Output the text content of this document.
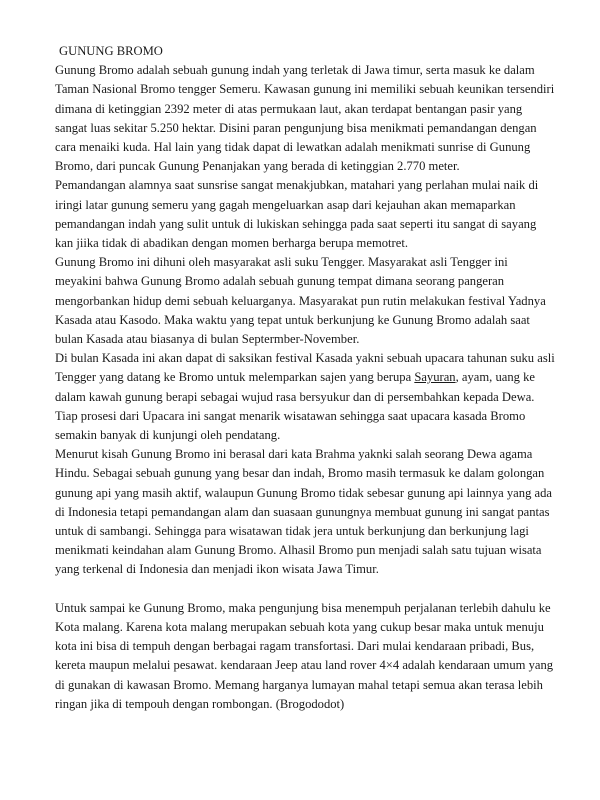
GUNUNG BROMO

Gunung Bromo adalah sebuah gunung indah yang terletak di Jawa timur, serta masuk ke dalam Taman Nasional Bromo tengger Semeru. Kawasan gunung ini memiliki sebuah keunikan tersendiri dimana di ketinggian 2392 meter di atas permukaan laut, akan terdapat bentangan pasir yang sangat luas sekitar 5.250 hektar. Disini paran pengunjung bisa menikmati pemandangan dengan cara menaiki kuda. Hal lain yang tidak dapat di lewatkan adalah menikmati sunrise di Gunung Bromo, dari puncak Gunung Penanjakan yang berada di ketinggian 2.770 meter.

Pemandangan alamnya saat sunsrise sangat menakjubkan, matahari yang perlahan mulai naik di iringi latar gunung semeru yang gagah mengeluarkan asap dari kejauhan akan memaparkan pemandangan indah yang sulit untuk di lukiskan sehingga pada saat seperti itu sangat di sayang kan jiika tidak di abadikan dengan momen berharga berupa memotret.

Gunung Bromo ini dihuni oleh masyarakat asli suku Tengger. Masyarakat asli Tengger ini meyakini bahwa Gunung Bromo adalah sebuah gunung tempat dimana seorang pangeran mengorbankan hidup demi sebuah keluarganya. Masyarakat pun rutin melakukan festival Yadnya Kasada atau Kasodo. Maka waktu yang tepat untuk berkunjung ke Gunung Bromo adalah saat bulan Kasada atau biasanya di bulan Septermber-November.

Di bulan Kasada ini akan dapat di saksikan festival Kasada yakni sebuah upacara tahunan suku asli Tengger yang datang ke Bromo untuk melemparkan sajen yang berupa Sayuran, ayam, uang ke dalam kawah gunung berapi sebagai wujud rasa bersyukur dan di persembahkan kepada Dewa. Tiap prosesi dari Upacara ini sangat menarik wisatawan sehingga saat upacara kasada Bromo semakin banyak di kunjungi oleh pendatang.

Menurut kisah Gunung Bromo ini berasal dari kata Brahma yaknki salah seorang Dewa agama Hindu. Sebagai sebuah gunung yang besar dan indah, Bromo masih termasuk ke dalam golongan gunung api yang masih aktif, walaupun Gunung Bromo tidak sebesar gunung api lainnya yang ada di Indonesia tetapi pemandangan alam dan suasaan gunungnya membuat gunung ini sangat pantas untuk di sambangi. Sehingga para wisatawan tidak jera untuk berkunjung dan berkunjung lagi menikmati keindahan alam Gunung Bromo. Alhasil Bromo pun menjadi salah satu tujuan wisata yang terkenal di Indonesia dan menjadi ikon wisata Jawa Timur.

Untuk sampai ke Gunung Bromo, maka pengunjung bisa menempuh perjalanan terlebih dahulu ke Kota malang. Karena kota malang merupakan sebuah kota yang cukup besar maka untuk menuju kota ini bisa di tempuh dengan berbagai ragam transfortasi. Dari mulai kendaraan pribadi, Bus, kereta maupun melalui pesawat. kendaraan Jeep atau land rover 4×4 adalah kendaraan umum yang di gunakan di kawasan Bromo. Memang harganya lumayan mahal tetapi semua akan terasa lebih ringan jika di tempouh dengan rombongan. (Brogododot)
